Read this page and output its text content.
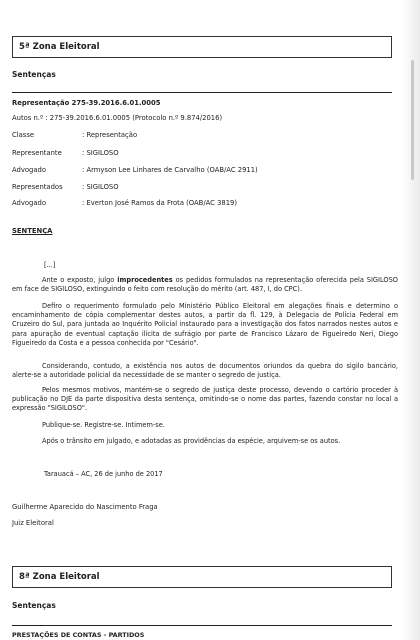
5ª Zona Eleitoral
Sentenças
Representação 275-39.2016.6.01.0005
Autos n.º : 275-39.2016.6.01.0005 (Protocolo n.º 9.874/2016)
Classe	: Representação
Representante	: SIGILOSO
Advogado	: Armyson Lee Linhares de Carvalho (OAB/AC 2911)
Representados	: SIGILOSO
Advogado	: Everton José Ramos da Frota (OAB/AC 3819)
SENTENÇA
[...]
Ante o exposto, julgo improcedentes os pedidos formulados na representação oferecida pela SIGILOSO em face de SIGILOSO, extinguindo o feito com resolução do mérito (art. 487, I, do CPC).
Defiro o requerimento formulado pelo Ministério Público Eleitoral em alegações finais e determino o encaminhamento de cópia complementar destes autos, a partir da fl. 129, à Delegacia de Polícia Federal em Cruzeiro do Sul, para juntada ao Inquérito Policial instaurado para a investigação dos fatos narrados nestes autos e para apuração de eventual captação ilícita de sufrágio por parte de Francisco Lázaro de Figueiredo Neri, Diego Figueiredo da Costa e a pessoa conhecida por "Cesário".
Considerando, contudo, a existência nos autos de documentos oriundos da quebra do sigilo bancário, alerte-se a autoridade policial da necessidade de se manter o segredo de justiça.
Pelos mesmos motivos, mantém-se o segredo de justiça deste processo, devendo o cartório proceder à publicação no DJE da parte dispositiva desta sentença, omitindo-se o nome das partes, fazendo constar no local a expressão "SIGILOSO".
Publique-se. Registre-se. Intimem-se.
Após o trânsito em julgado, e adotadas as providências da espécie, arquivem-se os autos.
Tarauacá – AC, 26 de junho de 2017
Guilherme Aparecido do Nascimento Fraga
Juiz Eleitoral
8ª Zona Eleitoral
Sentenças
PRESTAÇÕES DE CONTAS - PARTIDOS
